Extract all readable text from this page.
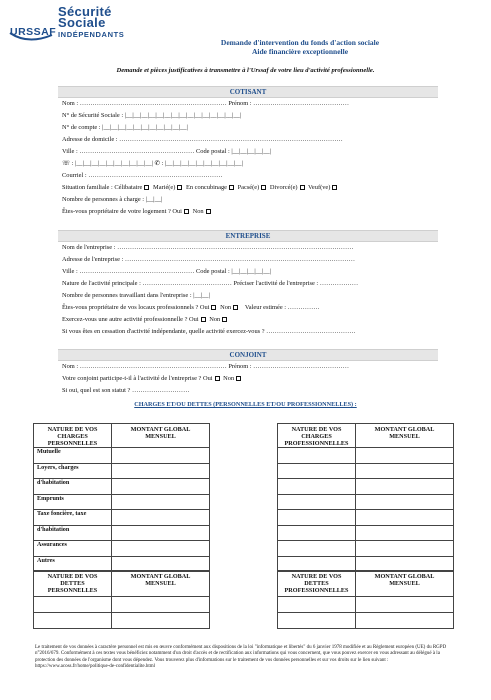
URSSAF
Sécurité
Sociale
INDÉPENDANTS
Demande d'intervention du fonds d'action sociale
Aide financière exceptionnelle
Demande et pièces justificatives à transmettre à l'Urssaf de votre lieu d'activité professionnelle.
COTISANT
Nom : …………………………………………………………… Prénom : ………………………………………
N° de Sécurité Sociale : |__|__|__|__|__|__|__|__|__|__|__|__|__|__|__|
N° de compte : |__|__|__|__|__|__|__|__|__|__|__|
Adresse de domicile : ……………………………………………………………………………………………
Ville : ……………………………………………… Code postal : |__|__|__|__|__|
☏ : |__|__|__|__|__|__|__|__|__|__| ✆ : |__|__|__|__|__|__|__|__|__|__|
Courriel : ………………………………………………………
Situation familiale : Célibataire Marié(e) En concubinage Pacsé(e) Divorcé(e) Veuf(ve)
Nombre de personnes à charge : |__|__|
Êtes-vous propriétaire de votre logement ? Oui Non
ENTREPRISE
Nom de l'entreprise : …………………………………………………………………………………………………
Adresse de l'entreprise : ………………………………………………………………………………………………
Ville : ……………………………………………… Code postal : |__|__|__|__|__|
Nature de l'activité principale : …………………………………… Préciser l'activité de l'entreprise : ………………
Nombre de personnes travaillant dans l'entreprise : |__|__|
Êtes-vous propriétaire de vos locaux professionnels ? Oui Non Valeur estimée : ……………
Exercez-vous une autre activité professionnelle ? Oui Non
Si vous êtes en cessation d'activité indépendante, quelle activité exercez-vous ? ……………………………………
CONJOINT
Nom : …………………………………………………………… Prénom : ………………………………………
Votre conjoint participe-t-il à l'activité de l'entreprise ? Oui Non
Si oui, quel est son statut ? ………………………
CHARGES ET/OU DETTES (PERSONNELLES ET/OU PROFESSIONNELLES) :
NATURE DE VOS CHARGES PERSONNELLES	MONTANT GLOBAL MENSUEL
Mutuelle	
Loyers, charges	
d'habitation	
Emprunts	
Taxe foncière, taxe	
d'habitation	
Assurances	
Autres	
NATURE DE VOS CHARGES PROFESSIONNELLES	MONTANT GLOBAL MENSUEL

NATURE DE VOS DETTES PERSONNELLES	MONTANT GLOBAL MENSUEL

NATURE DE VOS DETTES PROFESSIONNELLES	MONTANT GLOBAL MENSUEL

Le traitement de vos données à caractère personnel est mis en œuvre conformément aux dispositions de la loi "informatique et libertés" du 6 janvier 1978 modifiée et au Règlement européen (UE) du RGPD n°2016/679. Conformément à ces textes vous bénéficiez notamment d'un droit d'accès et de rectification aux informations qui vous concernent, que vous pouvez exercer en vous adressant au délégué à la protection des données de l'organisme dont vous dépendez. Vous trouverez plus d'informations sur le traitement de vos données personnelles et sur vos droits sur le lien suivant : https://www.acoss.fr/home/politique-de-confidentialite.html
